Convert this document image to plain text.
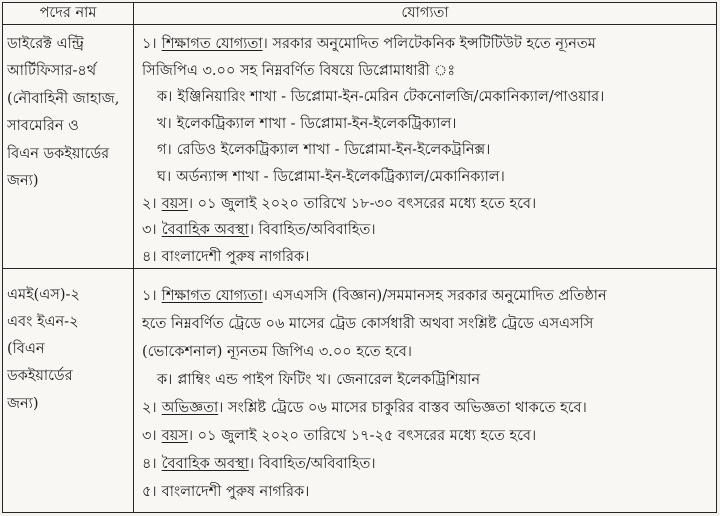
পদের নাম	যোগ্যতা
ডাইরেক্ট এন্ট্রি
আর্টিফিসার-৪র্থ
(নৌবাহিনী জাহাজ,
সাবমেরিন ও
বিএন ডকইয়ার্ডের
জন্য)
১। শিক্ষাগত যোগ্যতা। সরকার অনুমোদিত পলিটেকনিক ইন্সটিটিউট হতে ন্যূনতম
সিজিপিএ ৩.০০ সহ নিম্নবর্ণিত বিষয়ে ডিপ্লোমাধারী ঃ
ক। ইঞ্জিনিয়ারিং শাখা - ডিপ্লোমা-ইন-মেরিন টেকনোলজি/মেকানিক্যাল/পাওয়ার।
খ। ইলেকট্রিক্যাল শাখা - ডিপ্লোমা-ইন-ইলেকট্রিক্যাল।
গ। রেডিও ইলেকট্রিক্যাল শাখা - ডিপ্লোমা-ইন-ইলেকট্রনিক্স।
ঘ। অর্ডন্যান্স শাখা - ডিপ্লোমা-ইন-ইলেকট্রিক্যাল/মেকানিক্যাল।
২। বয়স। ০১ জুলাই ২০২০ তারিখে ১৮-৩০ বৎসরের মধ্যে হতে হবে।
৩। বৈবাহিক অবস্থা। বিবাহিত/অবিবাহিত।
৪। বাংলাদেশী পুরুষ নাগরিক।
এমই(এস)-২
এবং ইএন-২
(বিএন
ডকইয়ার্ডের
জন্য)
১। শিক্ষাগত যোগ্যতা। এসএসসি (বিজ্ঞান)/সমমানসহ সরকার অনুমোদিত প্রতিষ্ঠান
হতে নিম্নবর্ণিত ট্রেডে ০৬ মাসের ট্রেড কোর্সধারী অথবা সংশ্লিষ্ট ট্রেডে এসএসসি
(ভোকেশনাল) ন্যূনতম জিপিএ ৩.০০ হতে হবে।
ক। প্লাম্বিং এন্ড পাইপ ফিটিং খ। জেনারেল ইলেকট্রিশিয়ান
২। অভিজ্ঞতা। সংশ্লিষ্ট ট্রেডে ০৬ মাসের চাকুরির বাস্তব অভিজ্ঞতা থাকতে হবে।
৩। বয়স। ০১ জুলাই ২০২০ তারিখে ১৭-২৫ বৎসরের মধ্যে হতে হবে।
৪। বৈবাহিক অবস্থা। বিবাহিত/অবিবাহিত।
৫। বাংলাদেশী পুরুষ নাগরিক।
